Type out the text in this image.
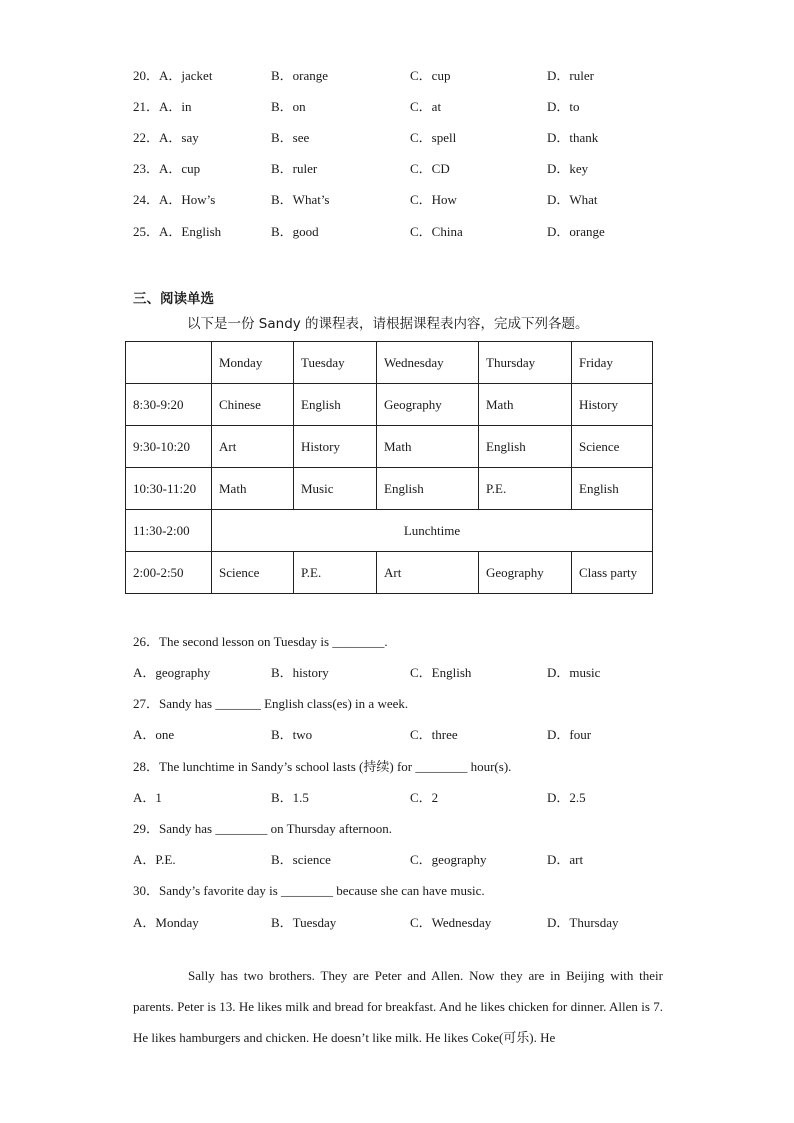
20．A．jacket	B．orange	C．cup	D．ruler
21．A．in	B．on	C．at	D．to
22．A．say	B．see	C．spell	D．thank
23．A．cup	B．ruler	C．CD	D．key
24．A．How’s	B．What’s	C．How	D．What
25．A．English	B．good	C．China	D．orange
三、阅读单选
以下是一份 Sandy 的课程表，请根据课程表内容，完成下列各题。
	Monday	Tuesday	Wednesday	Thursday	Friday
8:30-9:20	Chinese	English	Geography	Math	History
9:30-10:20	Art	History	Math	English	Science
10:30-11:20	Math	Music	English	P.E.	English
11:30-2:00	Lunchtime				
2:00-2:50	Science	P.E.	Art	Geography	Class party
26．The second lesson on Tuesday is ________.
A．geography	B．history	C．English	D．music
27．Sandy has _______ English class(es) in a week.
A．one	B．two	C．three	D．four
28．The lunchtime in Sandy’s school lasts (持续) for ________ hour(s).
A．1	B．1.5	C．2	D．2.5
29．Sandy has ________ on Thursday afternoon.
A．P.E.	B．science	C．geography	D．art
30．Sandy’s favorite day is ________ because she can have music.
A．Monday	B．Tuesday	C．Wednesday	D．Thursday

Sally has two brothers. They are Peter and Allen. Now they are in Beijing with their parents. Peter is 13. He likes milk and bread for breakfast. And he likes chicken for dinner. Allen is 7. He likes hamburgers and chicken. He doesn’t like milk. He likes Coke(可乐). He
